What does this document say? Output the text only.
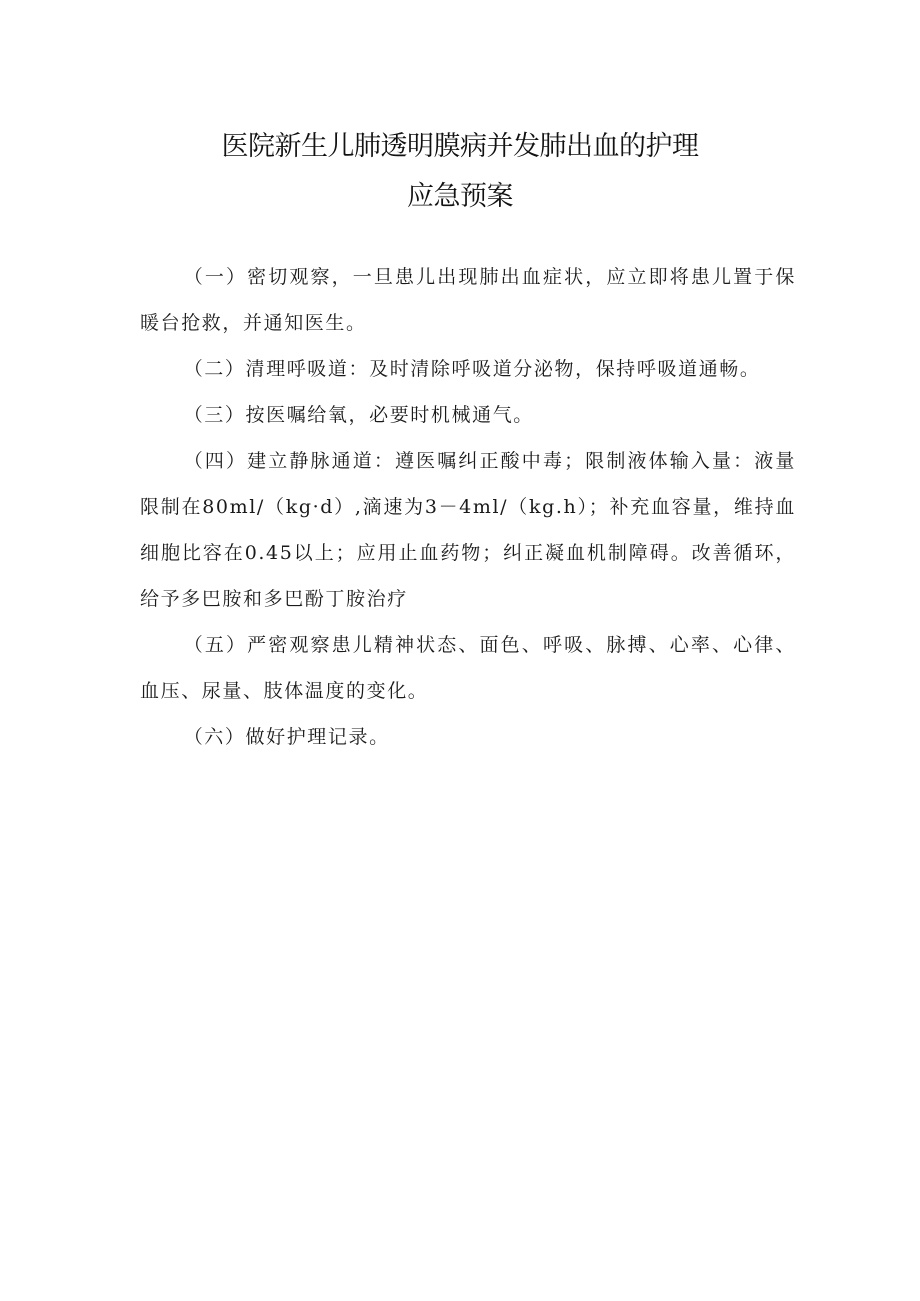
医院新生儿肺透明膜病并发肺出血的护理
应急预案

（一）密切观察，一旦患儿出现肺出血症状，应立即将患儿置于保暖台抢救，并通知医生。

（二）清理呼吸道：及时清除呼吸道分泌物，保持呼吸道通畅。

（三）按医嘱给氧，必要时机械通气。

（四）建立静脉通道：遵医嘱纠正酸中毒；限制液体输入量：液量限制在80ml/（kg·d）,滴速为3－4ml/（kg.h）；补充血容量，维持血细胞比容在0.45以上；应用止血药物；纠正凝血机制障碍。改善循环，给予多巴胺和多巴酚丁胺治疗

（五）严密观察患儿精神状态、面色、呼吸、脉搏、心率、心律、血压、尿量、肢体温度的变化。

（六）做好护理记录。
